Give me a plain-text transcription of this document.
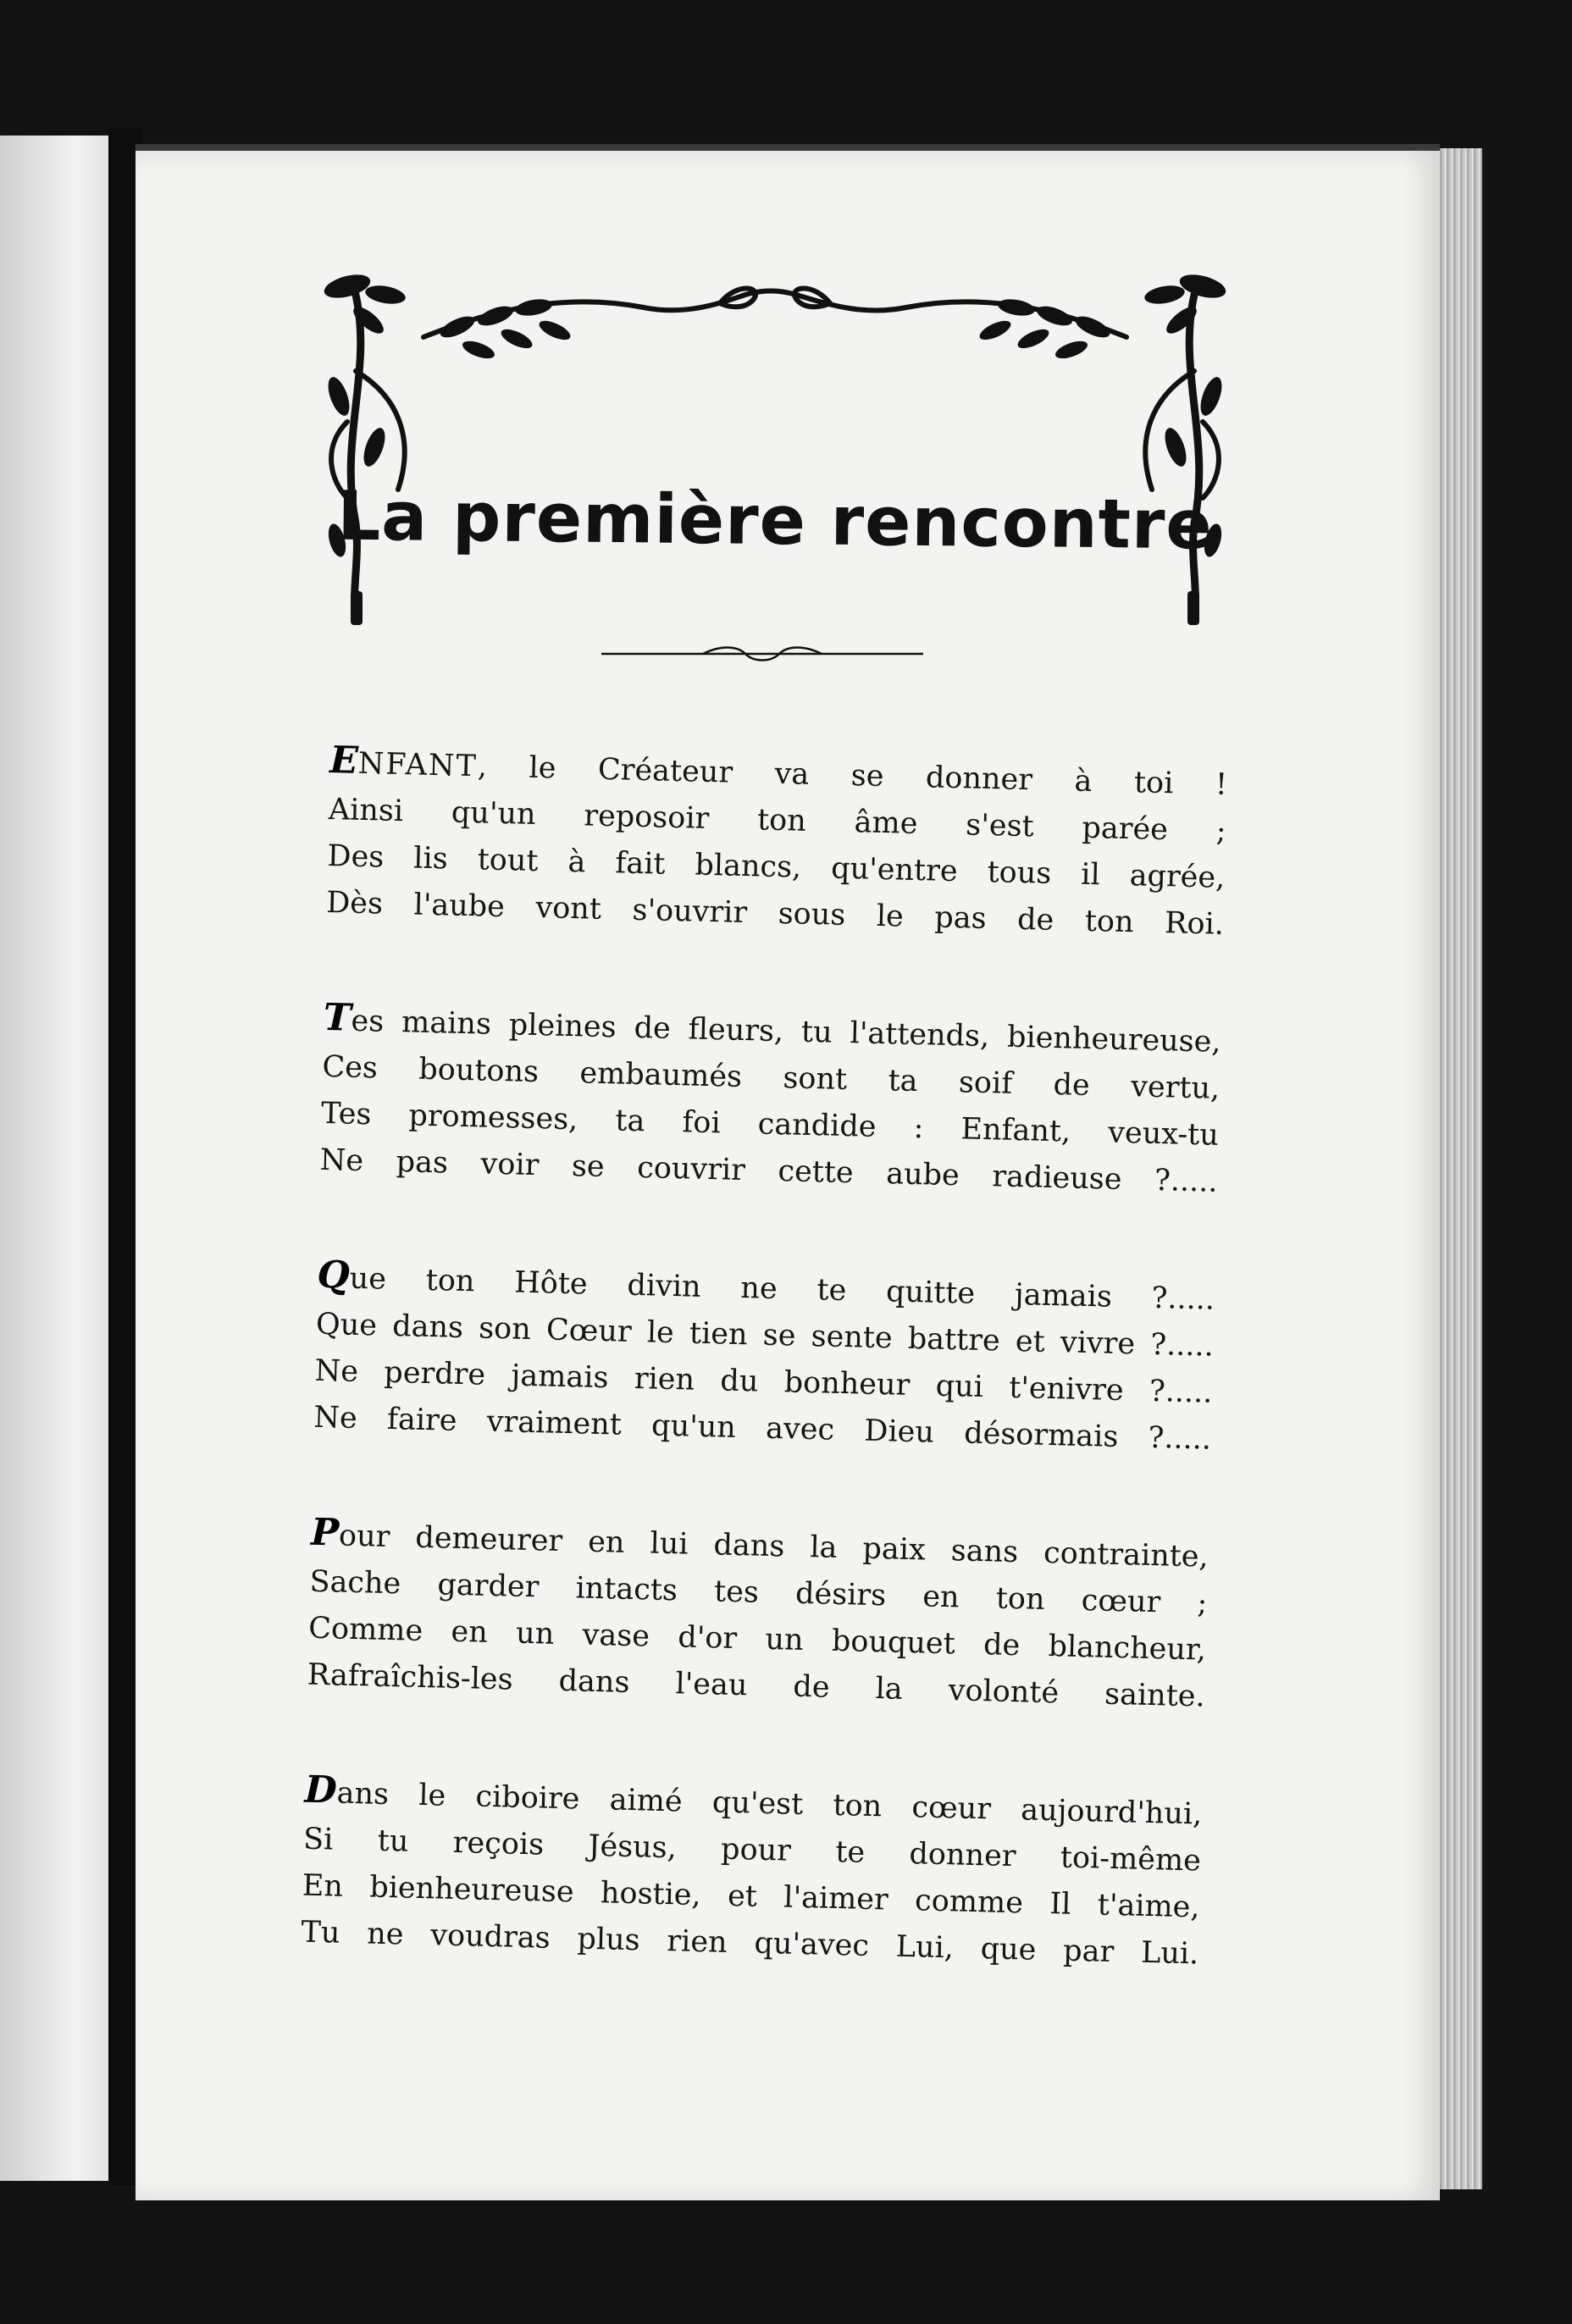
La première rencontre
ENFANT, le Créateur va se donner à toi !
Ainsi qu'un reposoir ton âme s'est parée ;
Des lis tout à fait blancs, qu'entre tous il agrée,
Dès l'aube vont s'ouvrir sous le pas de ton Roi.
Tes mains pleines de fleurs, tu l'attends, bienheureuse,
Ces boutons embaumés sont ta soif de vertu,
Tes promesses, ta foi candide : Enfant, veux-tu
Ne pas voir se couvrir cette aube radieuse ?.....
Que ton Hôte divin ne te quitte jamais ?.....
Que dans son Cœur le tien se sente battre et vivre ?.....
Ne perdre jamais rien du bonheur qui t'enivre ?.....
Ne faire vraiment qu'un avec Dieu désormais ?.....
Pour demeurer en lui dans la paix sans contrainte,
Sache garder intacts tes désirs en ton cœur ;
Comme en un vase d'or un bouquet de blancheur,
Rafraîchis-les dans l'eau de la volonté sainte.
Dans le ciboire aimé qu'est ton cœur aujourd'hui,
Si tu reçois Jésus, pour te donner toi-même
En bienheureuse hostie, et l'aimer comme Il t'aime,
Tu ne voudras plus rien qu'avec Lui, que par Lui.
